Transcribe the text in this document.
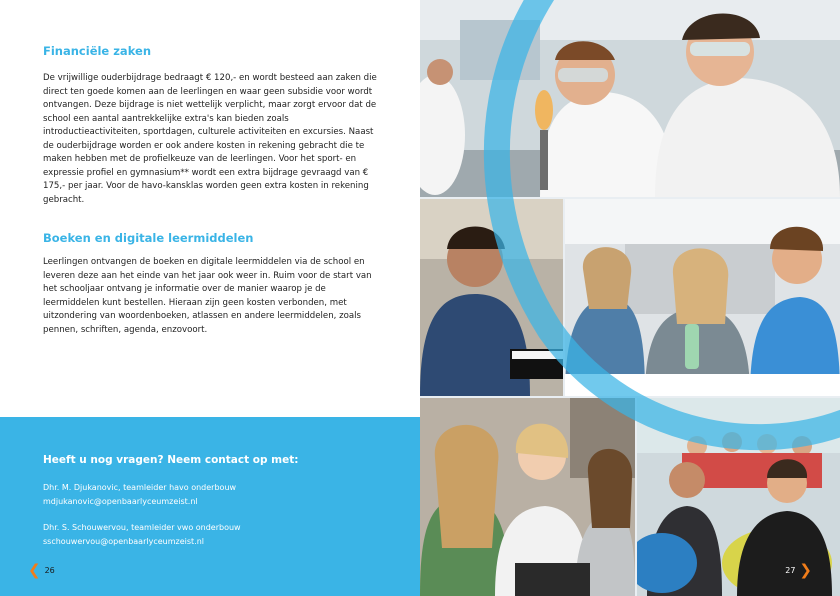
Financiële zaken

De vrijwillige ouderbijdrage bedraagt € 120,- en wordt besteed aan zaken die direct ten goede komen aan de leerlingen en waar geen subsidie voor wordt ontvangen. Deze bijdrage is niet wettelijk verplicht, maar zorgt ervoor dat de school een aantal aantrekkelijke extra's kan bieden zoals introductieactiviteiten, sportdagen, culturele activiteiten en excursies. Naast de ouderbijdrage worden er ook andere kosten in rekening gebracht die te maken hebben met de profielkeuze van de leerlingen. Voor het sport- en expressie profiel en gymnasium** wordt een extra bijdrage gevraagd van € 175,- per jaar. Voor de havo-kansklas worden geen extra kosten in rekening gebracht.

Boeken en digitale leermiddelen

Leerlingen ontvangen de boeken en digitale leermiddelen via de school en leveren deze aan het einde van het jaar ook weer in. Ruim voor de start van het schooljaar ontvang je informatie over de manier waarop je de leermiddelen kunt bestellen. Hieraan zijn geen kosten verbonden, met uitzondering van woordenboeken, atlassen en andere leermiddelen, zoals pennen, schriften, agenda, enzovoort.

Heeft u nog vragen? Neem contact op met:

Dhr. M. Djukanovic, teamleider havo onderbouw

mdjukanovic@openbaarlyceumzeist.nl

Dhr. S. Schouwervou, teamleider vwo onderbouw

sschouwervou@openbaarlyceumzeist.nl

❮ 26	27 ❯
